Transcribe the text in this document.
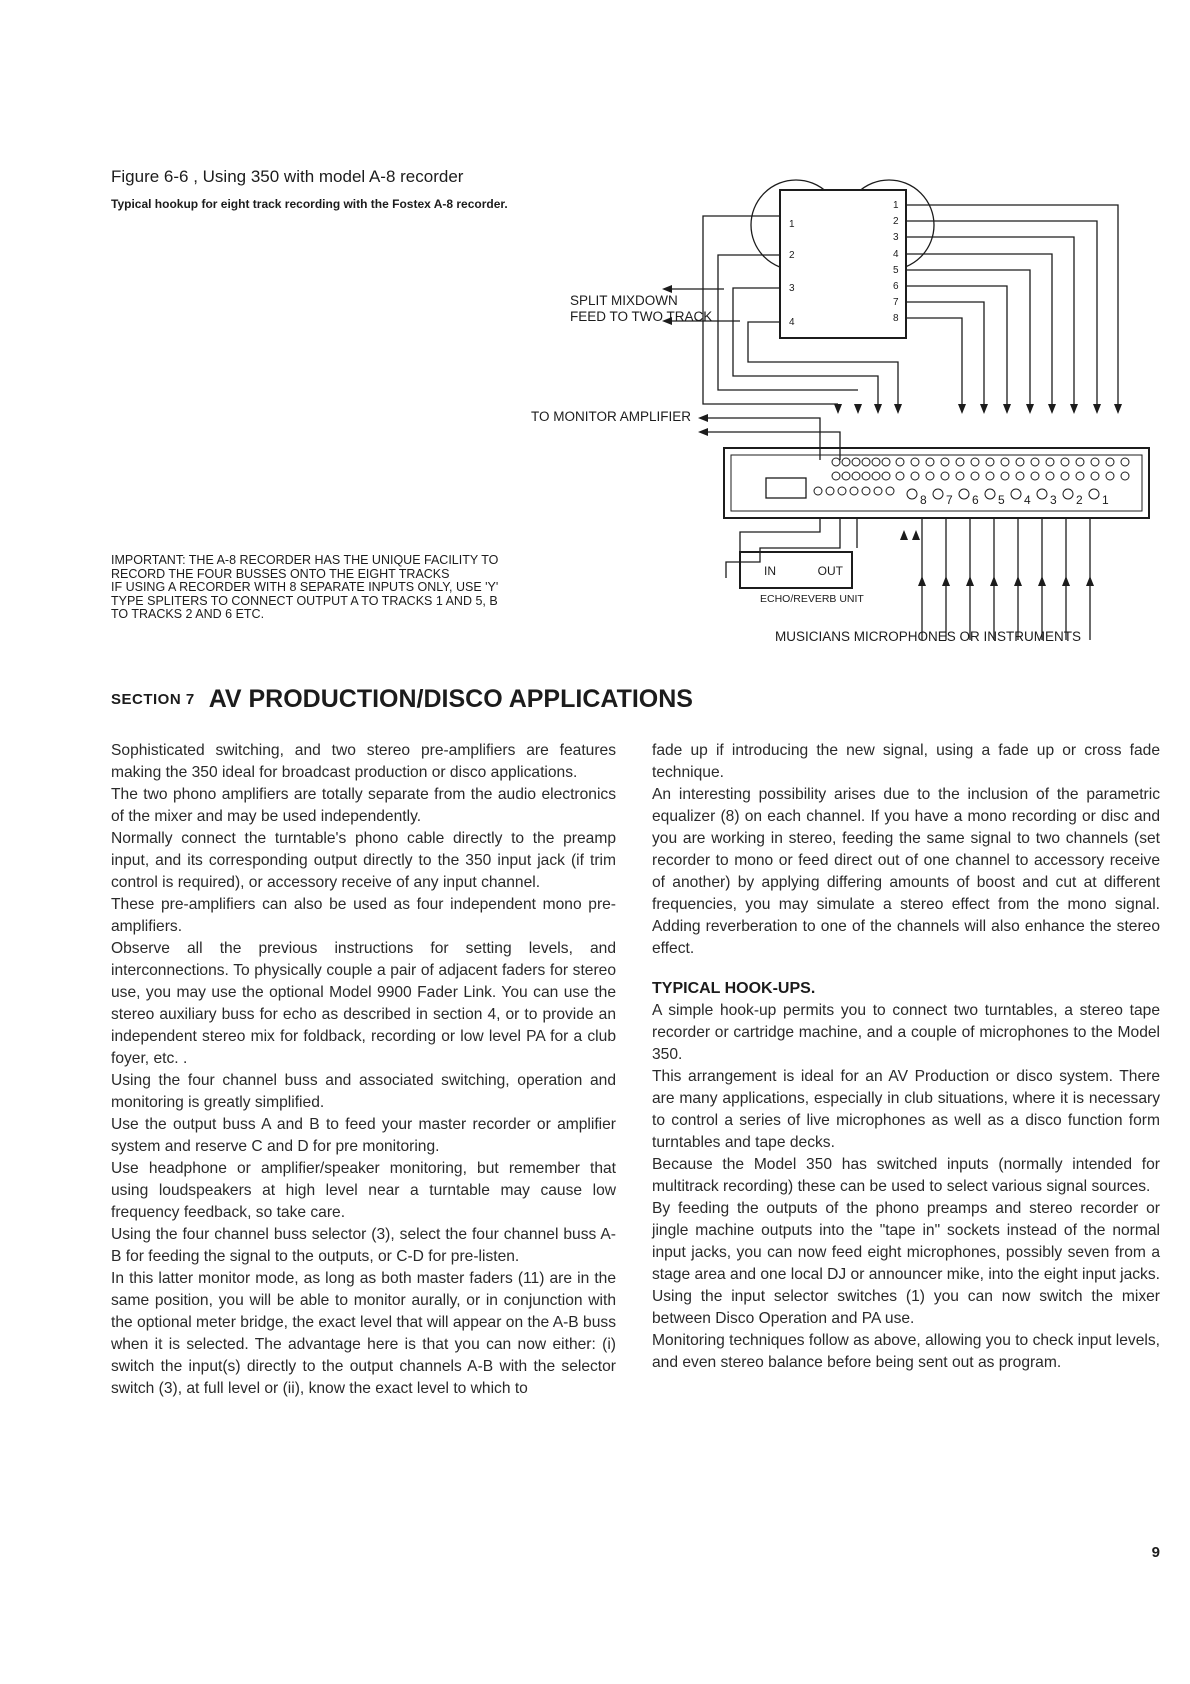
Figure 6-6 , Using 350 with model A-8 recorder
Typical hookup for eight track recording with the Fostex A-8 recorder.
SPLIT MIXDOWN
FEED TO TWO TRACK
TO MONITOR AMPLIFIER
1
2
3
4
1
2
3
4
5
6
7
8
8 7 6 5 4 3 2 1
IN	OUT
ECHO/REVERB UNIT
MUSICIANS MICROPHONES OR INSTRUMENTS
IMPORTANT: THE A-8 RECORDER HAS THE UNIQUE FACILITY TO
RECORD THE FOUR BUSSES ONTO THE EIGHT TRACKS
IF USING A RECORDER WITH 8 SEPARATE INPUTS ONLY, USE 'Y'
TYPE SPLITERS TO CONNECT OUTPUT A TO TRACKS 1 AND 5, B
TO TRACKS 2 AND 6 ETC.
SECTION 7 AV PRODUCTION/DISCO APPLICATIONS

Sophisticated switching, and two stereo pre-amplifiers are features making the 350 ideal for broadcast production or disco applications.

The two phono amplifiers are totally separate from the audio electronics of the mixer and may be used independently.

Normally connect the turntable's phono cable directly to the preamp input, and its corresponding output directly to the 350 input jack (if trim control is required), or accessory receive of any input channel.

These pre-amplifiers can also be used as four independent mono pre-amplifiers.

Observe all the previous instructions for setting levels, and interconnections. To physically couple a pair of adjacent faders for stereo use, you may use the optional Model 9900 Fader Link. You can use the stereo auxiliary buss for echo as described in section 4, or to provide an independent stereo mix for foldback, recording or low level PA for a club foyer, etc. .

Using the four channel buss and associated switching, operation and monitoring is greatly simplified.

Use the output buss A and B to feed your master recorder or amplifier system and reserve C and D for pre monitoring.

Use headphone or amplifier/speaker monitoring, but remember that using loudspeakers at high level near a turntable may cause low frequency feedback, so take care.

Using the four channel buss selector (3), select the four channel buss A-B for feeding the signal to the outputs, or C-D for pre-listen.

In this latter monitor mode, as long as both master faders (11) are in the same position, you will be able to monitor aurally, or in conjunction with the optional meter bridge, the exact level that will appear on the A-B buss when it is selected. The advantage here is that you can now either: (i) switch the input(s) directly to the output channels A-B with the selector switch (3), at full level or (ii), know the exact level to which to

fade up if introducing the new signal, using a fade up or cross fade technique.

An interesting possibility arises due to the inclusion of the parametric equalizer (8) on each channel. If you have a mono recording or disc and you are working in stereo, feeding the same signal to two channels (set recorder to mono or feed direct out of one channel to accessory receive of another) by applying differing amounts of boost and cut at different frequencies, you may simulate a stereo effect from the mono signal. Adding reverberation to one of the channels will also enhance the stereo effect.

TYPICAL HOOK-UPS.

A simple hook-up permits you to connect two turntables, a stereo tape recorder or cartridge machine, and a couple of microphones to the Model 350.

This arrangement is ideal for an AV Production or disco system. There are many applications, especially in club situations, where it is necessary to control a series of live microphones as well as a disco function form turntables and tape decks.

Because the Model 350 has switched inputs (normally intended for multitrack recording) these can be used to select various signal sources.

By feeding the outputs of the phono preamps and stereo recorder or jingle machine outputs into the "tape in" sockets instead of the normal input jacks, you can now feed eight microphones, possibly seven from a stage area and one local DJ or announcer mike, into the eight input jacks. Using the input selector switches (1) you can now switch the mixer between Disco Operation and PA use.

Monitoring techniques follow as above, allowing you to check input levels, and even stereo balance before being sent out as program.

9
